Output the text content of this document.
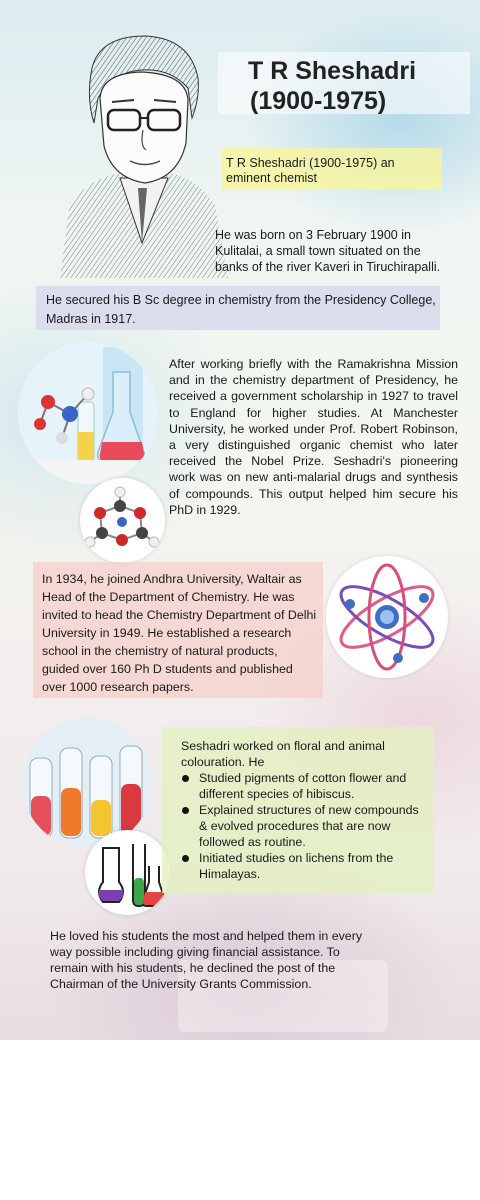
T R Sheshadri
(1900-1975)

T R Sheshadri (1900-1975) an eminent chemist

He was born on 3 February 1900 in Kulitalai, a small town situated on the banks of the river Kaveri in Tiruchirapalli.

He secured his B Sc degree in chemistry from the Presidency College, Madras in 1917.

After working briefly with the Ramakrishna Mission and in the chemistry department of Presidency, he received a government scholarship in 1927 to travel to England for higher studies. At Manchester University, he worked under Prof. Robert Robinson, a very distinguished organic chemist who later received the Nobel Prize. Seshadri's pioneering work was on new anti-malarial drugs and synthesis of compounds. This output helped him secure his PhD in 1929.

In 1934, he joined Andhra University, Waltair as Head of the Department of Chemistry. He was invited to head the Chemistry Department of Delhi University in 1949. He established a research school in the chemistry of natural products, guided over 160 Ph D students and published over 1000 research papers.

Seshadri worked on floral and animal colouration. He

Studied pigments of cotton flower and different species of hibiscus.
Explained structures of new compounds & evolved procedures that are now followed as routine.
Initiated studies on lichens from the Himalayas.

He loved his students the most and helped them in every way possible including giving financial assistance. To remain with his students, he declined the post of the Chairman of the University Grants Commission.
